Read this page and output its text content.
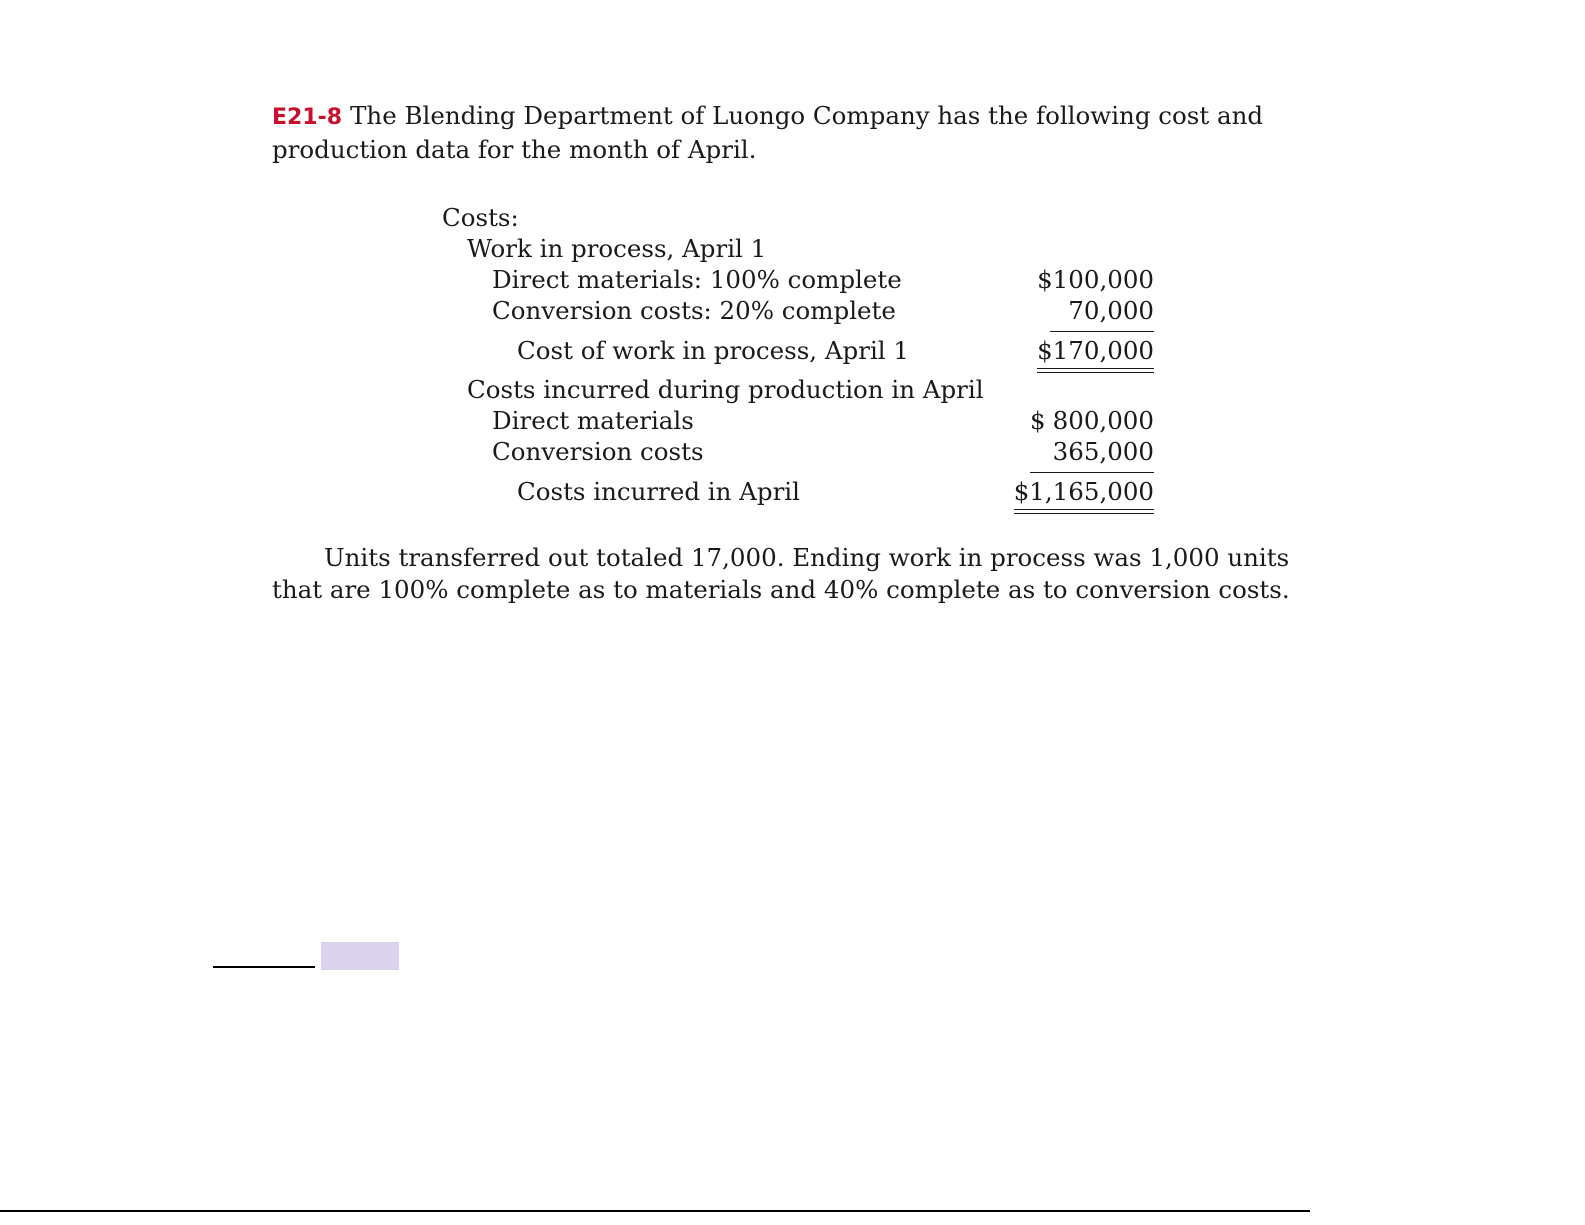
E21-8 The Blending Department of Luongo Company has the following cost and production data for the month of April.

Costs:
Work in process, April 1
Direct materials: 100% complete	$100,000
Conversion costs: 20% complete	70,000
Cost of work in process, April 1	$170,000
Costs incurred during production in April
Direct materials	$ 800,000
Conversion costs	365,000
Costs incurred in April	$1,165,000

Units transferred out totaled 17,000. Ending work in process was 1,000 units that are 100% complete as to materials and 40% complete as to conversion costs.
